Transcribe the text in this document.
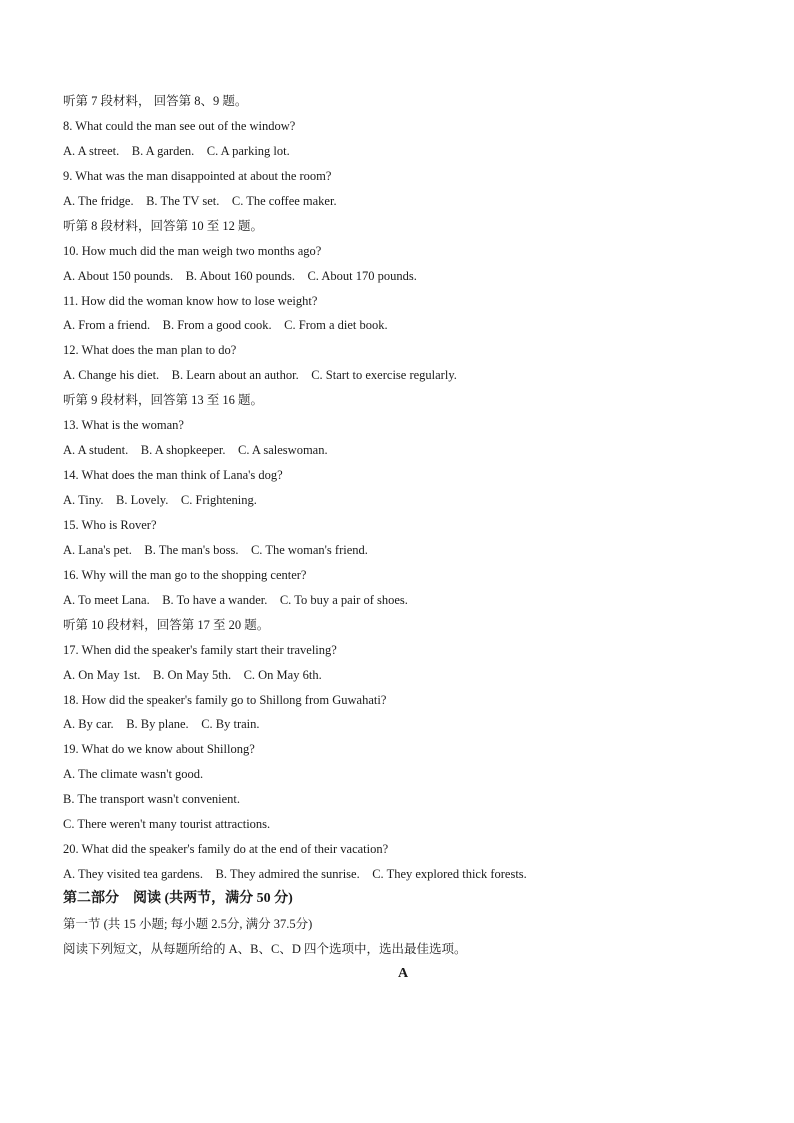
听第 7 段材料， 回答第 8、9 题。
8. What could the man see out of the window?
A. A street. B. A garden. C. A parking lot.
9. What was the man disappointed at about the room?
A. The fridge. B. The TV set. C. The coffee maker.
听第 8 段材料，回答第 10 至 12 题。
10. How much did the man weigh two months ago?
A. About 150 pounds. B. About 160 pounds. C. About 170 pounds.
11. How did the woman know how to lose weight?
A. From a friend. B. From a good cook. C. From a diet book.
12. What does the man plan to do?
A. Change his diet. B. Learn about an author. C. Start to exercise regularly.
听第 9 段材料，回答第 13 至 16 题。
13. What is the woman?
A. A student. B. A shopkeeper. C. A saleswoman.
14. What does the man think of Lana's dog?
A. Tiny. B. Lovely. C. Frightening.
15. Who is Rover?
A. Lana's pet. B. The man's boss. C. The woman's friend.
16. Why will the man go to the shopping center?
A. To meet Lana. B. To have a wander. C. To buy a pair of shoes.
听第 10 段材料，回答第 17 至 20 题。
17. When did the speaker's family start their traveling?
A. On May 1st. B. On May 5th. C. On May 6th.
18. How did the speaker's family go to Shillong from Guwahati?
A. By car. B. By plane. C. By train.
19. What do we know about Shillong?
A. The climate wasn't good.
B. The transport wasn't convenient.
C. There weren't many tourist attractions.
20. What did the speaker's family do at the end of their vacation?
A. They visited tea gardens. B. They admired the sunrise. C. They explored thick forests.
第二部分　阅读 (共两节，满分 50 分)
第一节 (共 15 小题; 每小题 2.5分, 满分 37.5分)
阅读下列短文，从每题所给的 A、B、C、D 四个选项中，选出最佳选项。
A
